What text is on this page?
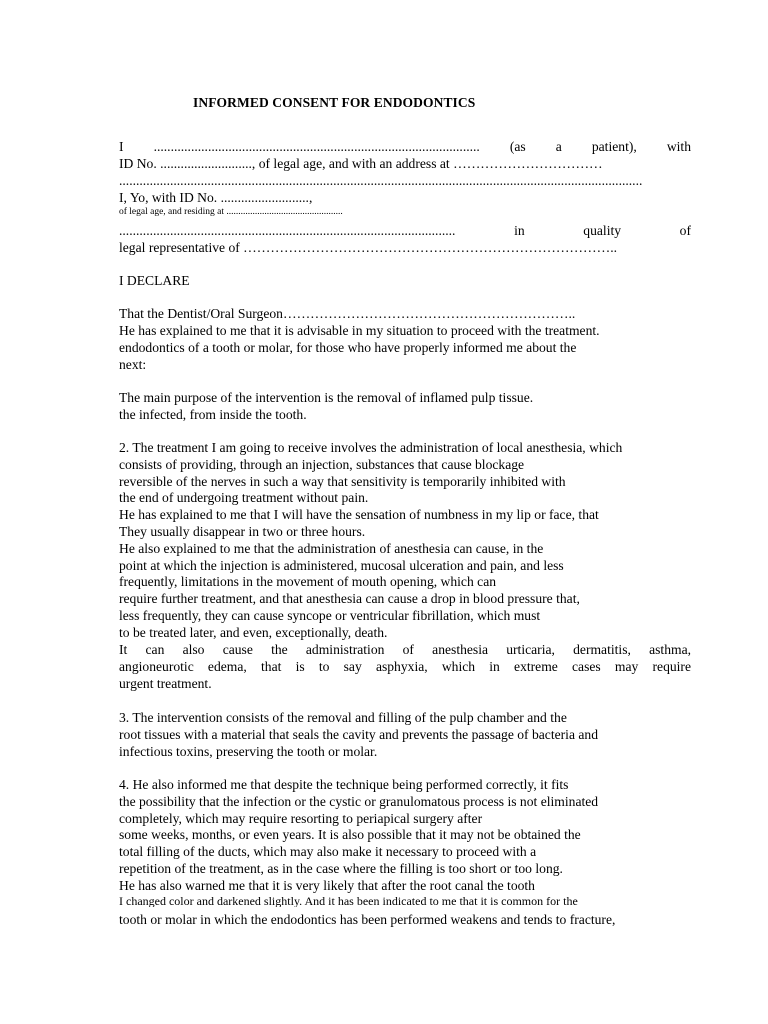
INFORMED CONSENT FOR ENDODONTICS
I ................................................................................................ (as a patient), with
ID No. ..........................., of legal age, and with an address at ……………………………
..........................................................................................................................................................
I, Yo, with ID No. ..........................,
of legal age, and residing at .................................................
................................................................................................... in quality of
legal representative of ………………………………………………………………………..
I DECLARE
That the Dentist/Oral Surgeon………………………………………………………..
He has explained to me that it is advisable in my situation to proceed with the treatment.
endodontics of a tooth or molar, for those who have properly informed me about the
next:
The main purpose of the intervention is the removal of inflamed pulp tissue.
the infected, from inside the tooth.
2. The treatment I am going to receive involves the administration of local anesthesia, which
consists of providing, through an injection, substances that cause blockage
reversible of the nerves in such a way that sensitivity is temporarily inhibited with
the end of undergoing treatment without pain.
He has explained to me that I will have the sensation of numbness in my lip or face, that
They usually disappear in two or three hours.
He also explained to me that the administration of anesthesia can cause, in the
point at which the injection is administered, mucosal ulceration and pain, and less
frequently, limitations in the movement of mouth opening, which can
require further treatment, and that anesthesia can cause a drop in blood pressure that,
less frequently, they can cause syncope or ventricular fibrillation, which must
to be treated later, and even, exceptionally, death.
It can also cause the administration of anesthesia urticaria, dermatitis, asthma,
angioneurotic edema, that is to say asphyxia, which in extreme cases may require
urgent treatment.
3. The intervention consists of the removal and filling of the pulp chamber and the
root tissues with a material that seals the cavity and prevents the passage of bacteria and
infectious toxins, preserving the tooth or molar.
4. He also informed me that despite the technique being performed correctly, it fits
the possibility that the infection or the cystic or granulomatous process is not eliminated
completely, which may require resorting to periapical surgery after
some weeks, months, or even years. It is also possible that it may not be obtained the
total filling of the ducts, which may also make it necessary to proceed with a
repetition of the treatment, as in the case where the filling is too short or too long.
He has also warned me that it is very likely that after the root canal the tooth
I changed color and darkened slightly. And it has been indicated to me that it is common for the
tooth or molar in which the endodontics has been performed weakens and tends to fracture,
